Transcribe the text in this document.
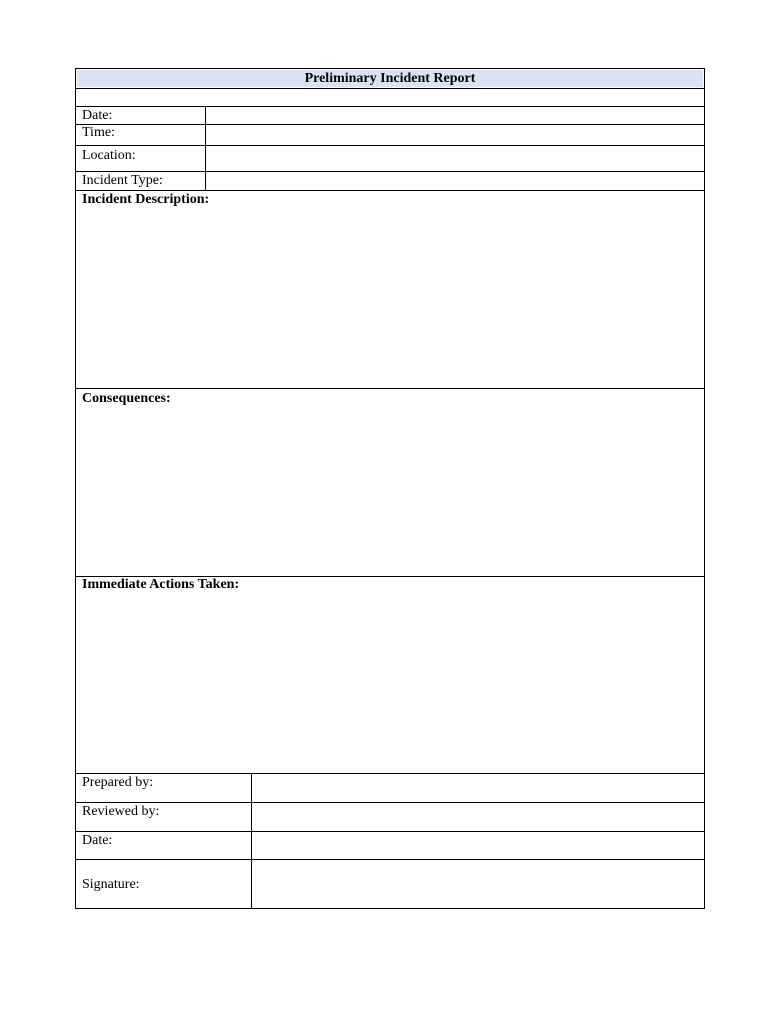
Preliminary Incident Report
Date:
Time:
Location:
Incident Type:
Incident Description:
Consequences:
Immediate Actions Taken:
Prepared by:
Reviewed by:
Date:
Signature:
